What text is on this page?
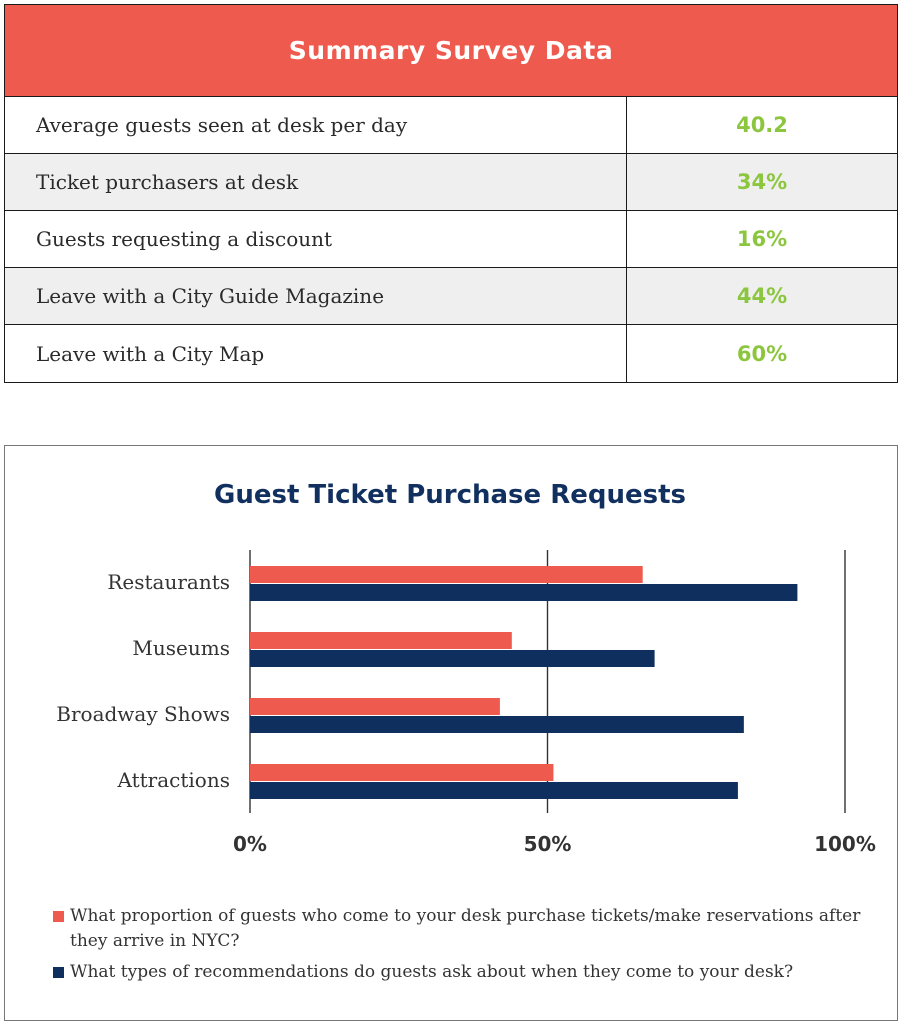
Summary Survey Data
Average guests seen at desk per day	40.2
Ticket purchasers at desk	34%
Guests requesting a discount	16%
Leave with a City Guide Magazine	44%
Leave with a City Map	60%
Guest Ticket Purchase Requests
0%	50%	100%
Restaurants
Museums
Broadway Shows
Attractions
What proportion of guests who come to your desk purchase tickets/make reservations after they arrive in NYC?
What types of recommendations do guests ask about when they come to your desk?
